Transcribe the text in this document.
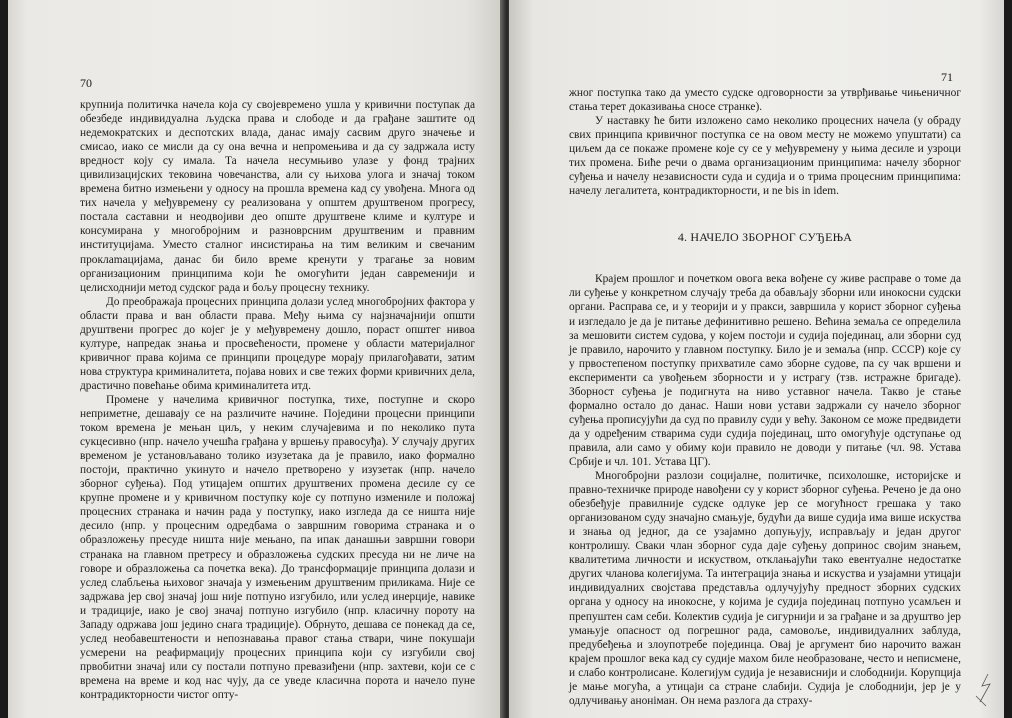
70

крупнија политичка начела која су својевремено ушла у кривични поступак да обезбеде индивидуална људска права и слободе и да грађане заштите од недемократских и деспотских влада, данас имају сасвим друго значење и смисао, иако се мисли да су она вечна и непромењива и да су задржала исту вредност коју су имала. Та начела несумњиво улазе у фонд трајних цивилизацијских тековина човечанства, али су њихова улога и значај током времена битно измењени у односу на прошла времена кад су увођена. Многа од тих начела у међувремену су реализована у општем друштвеном прогресу, постала саставни и неодвојиви део опште друштвене климе и културе и консумирана у многобројним и разноврсним друштвеним и правним институцијама. Уместо сталног инсистирања на тим великим и свечаним проклamaцијама, данас би било време кренути у трагање за новим организационим принципима који ће омогућити један савременији и целисходнији метод судског рада и бољу процесну технику.

До преображаја процесних принципа долази услед многобројних фактора у области права и ван области права. Међу њима су најзначајнији општи друштвени прогрес до којег је у међувремену дошло, пораст општег нивоа културе, напредак знања и просвећености, промене у области материјалног кривичног права којима се принципи процедуре морају прилагођавати, затим нова структура криминалитета, појава нових и све тежих форми кривичних дела, драстично повећање обима криминалитета итд.

Промене у начелима кривичног поступка, тихе, поступне и скоро неприметне, дешавају се на различите начине. Поједини процесни принципи током времена је мењан циљ, у неким случајевима и по неколико пута сукцесивно (нпр. начело учешћа грађана у вршењу правосуђа). У случају других временом је установљавано толико изузетака да је правило, иако формално постоји, практично укинуто и начело претворено у изузетак (нпр. начело зборног суђења). Под утицајем општих друштвених промена десиле су се крупне промене и у кривичном поступку које су потпуно измениле и положај процесних странака и начин рада у поступку, иако изгледа да се ништа није десило (нпр. у процесним одредбама о завршним говорима странака и о образложењу пресуде ништа није мењано, па ипак данашњи завршни говори странака на главном претресу и образложења судских пресуда ни не личе на говоре и образложења са почетка века). До трансформације принципа долази и услед слабљења њиховог значаја у измењеним друштвеним приликама. Није се задржава јер свој значај још није потпуно изгубило, или услед инерције, навике и традиције, иако је свој значај потпуно изгубило (нпр. класичну пороту на Западу одржава још једино снага традиције). Обрнуто, дешава се понекад да се, услед необавештености и непознавања правог стања ствари, чине покушаји усмерени на реафирмацију процесних принципа који су изгубили свој првобитни значај или су постали потпуно превазиђени (нпр. захтеви, који се с времена на време и код нас чују, да се уведе класична порота и начело пуне контрадикторности чистог опту-

71

жног поступка тако да уместо судске одговорности за утврђивање чињеничног стања терет доказивања сносе странке).

У наставку ће бити изложено само неколико процесних начела (у обраду свих принципа кривичног поступка се на овом месту не можемо упуштати) са циљем да се покаже промене које су се у међувремену у њима десиле и узроци тих промена. Биће речи о двама организационим принципима: начелу зборног суђења и начелу независности суда и судија и о трима процесним принципима: начелу легалитета, контрадикторности, и ne bis in idem.

4. НАЧЕЛО ЗБОРНОГ СУЂЕЊА

Крајем прошлог и почетком овога века вођене су живе расправе о томе да ли суђење у конкретном случају треба да обављају зборни или инокосни судски органи. Расправа се, и у теорији и у пракси, завршила у корист зборног суђења и изгледало је да је питање дефинитивно решено. Већина земаља се определила за мешовити систем судова, у којем постоји и судија појединац, али зборни суд је правило, нарочито у главном поступку. Било је и земаља (нпр. СССР) које су у првостепеном поступку прихватиле само зборне судове, па су чак вршени и експерименти са увођењем зборности и у истрагу (тзв. истражне бригаде). Зборност суђења је подигнута на ниво уставног начела. Такво је стање формално остало до данас. Наши нови устави задржали су начело зборног суђења прописујући да суд по правилу суди у већу. Законом се може предвидети да у одређеним стварима суди судија појединац, што омогућује одступање од правила, али само у обиму који правило не доводи у питање (чл. 98. Устава Србије и чл. 101. Устава ЦГ).

Многобројни разлози социјалне, политичке, психолошке, историјске и правно-техничке природе навођени су у корист зборног суђења. Речено је да оно обезбеђује правилније судске одлуке јер се могућност грешака у тако организованом суду значајно смањује, будући да више судија има више искуства и знања од једног, да се узајамно допуњују, исправљају и један другог контролишу. Сваки члан зборног суда даје суђењу допринос својим знањем, квалитетима личности и искуством, отклањајући тако евентуалне недостатке других чланова колегијума. Та интеграција знања и искуства и узајамни утицаји индивидуалних својстава представља одлучујућу предност зборних судских органа у односу на инокосне, у којима је судија појединац потпуно усамљен и препуштен сам себи. Колектив судија је сигурнији и за грађане и за друштво јер умањује опасност од погрешног рада, самовоље, индивидуалних заблуда, предубеђења и злоупотребе појединца. Овај је аргумент био нарочито важан крајем прошлог века кад су судије махом биле необразоване, често и неписмене, и слабо контролисане. Колегијум судија је независнији и слободнији. Корупција је мање могућа, а утицаји са стране слабији. Судија је слободнији, јер је у одлучивању аноніман. Он нема разлога да страху-
